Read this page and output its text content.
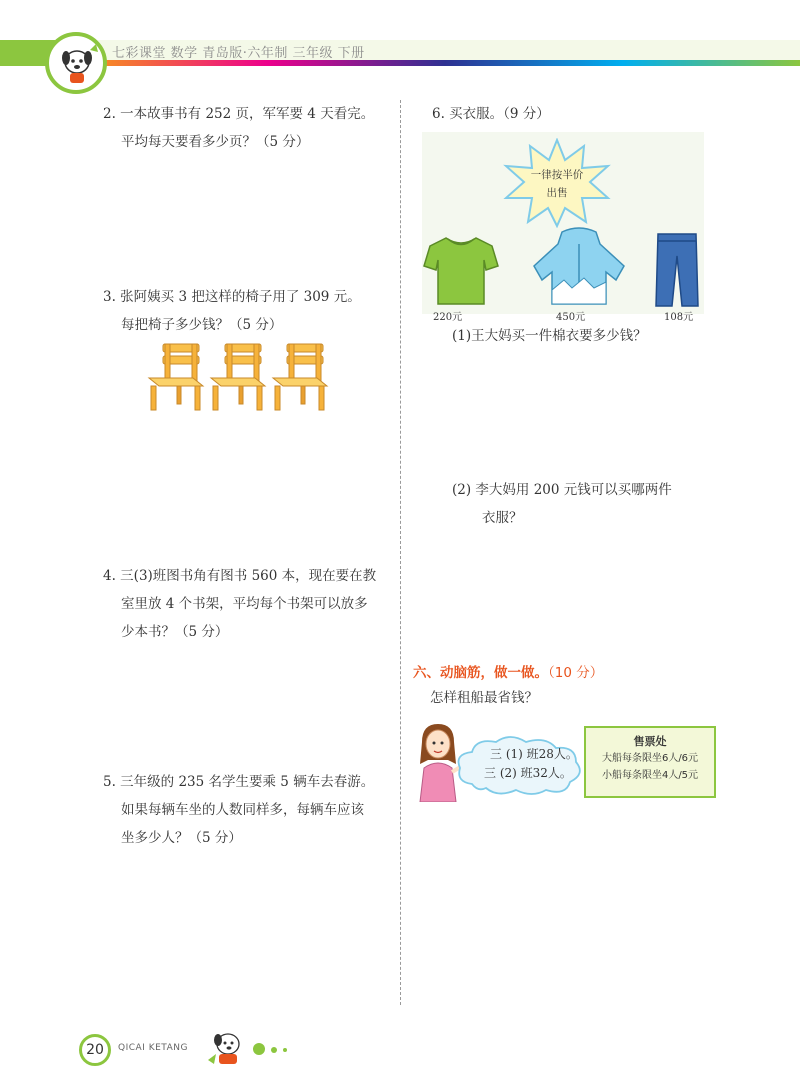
七彩课堂 数学 青岛版·六年制 三年级 下册
2. 一本故事书有 252 页，军军要 4 天看完。
平均每天要看多少页？（5 分）
3. 张阿姨买 3 把这样的椅子用了 309 元。
每把椅子多少钱？（5 分）
4. 三(3)班图书角有图书 560 本，现在要在教
室里放 4 个书架，平均每个书架可以放多
少本书？（5 分）
5. 三年级的 235 名学生要乘 5 辆车去春游。
如果每辆车坐的人数同样多，每辆车应该
坐多少人？（5 分）
6. 买衣服。（9 分）
一律按半价
出售
220元	450元	108元
(1)王大妈买一件棉衣要多少钱？
(2) 李大妈用 200 元钱可以买哪两件
衣服？
六、动脑筋，做一做。（10 分）
怎样租船最省钱？
三 (1) 班28人。
三 (2) 班32人。
售票处
大船每条限坐6人/6元
小船每条限坐4人/5元
20	QICAI KETANG
